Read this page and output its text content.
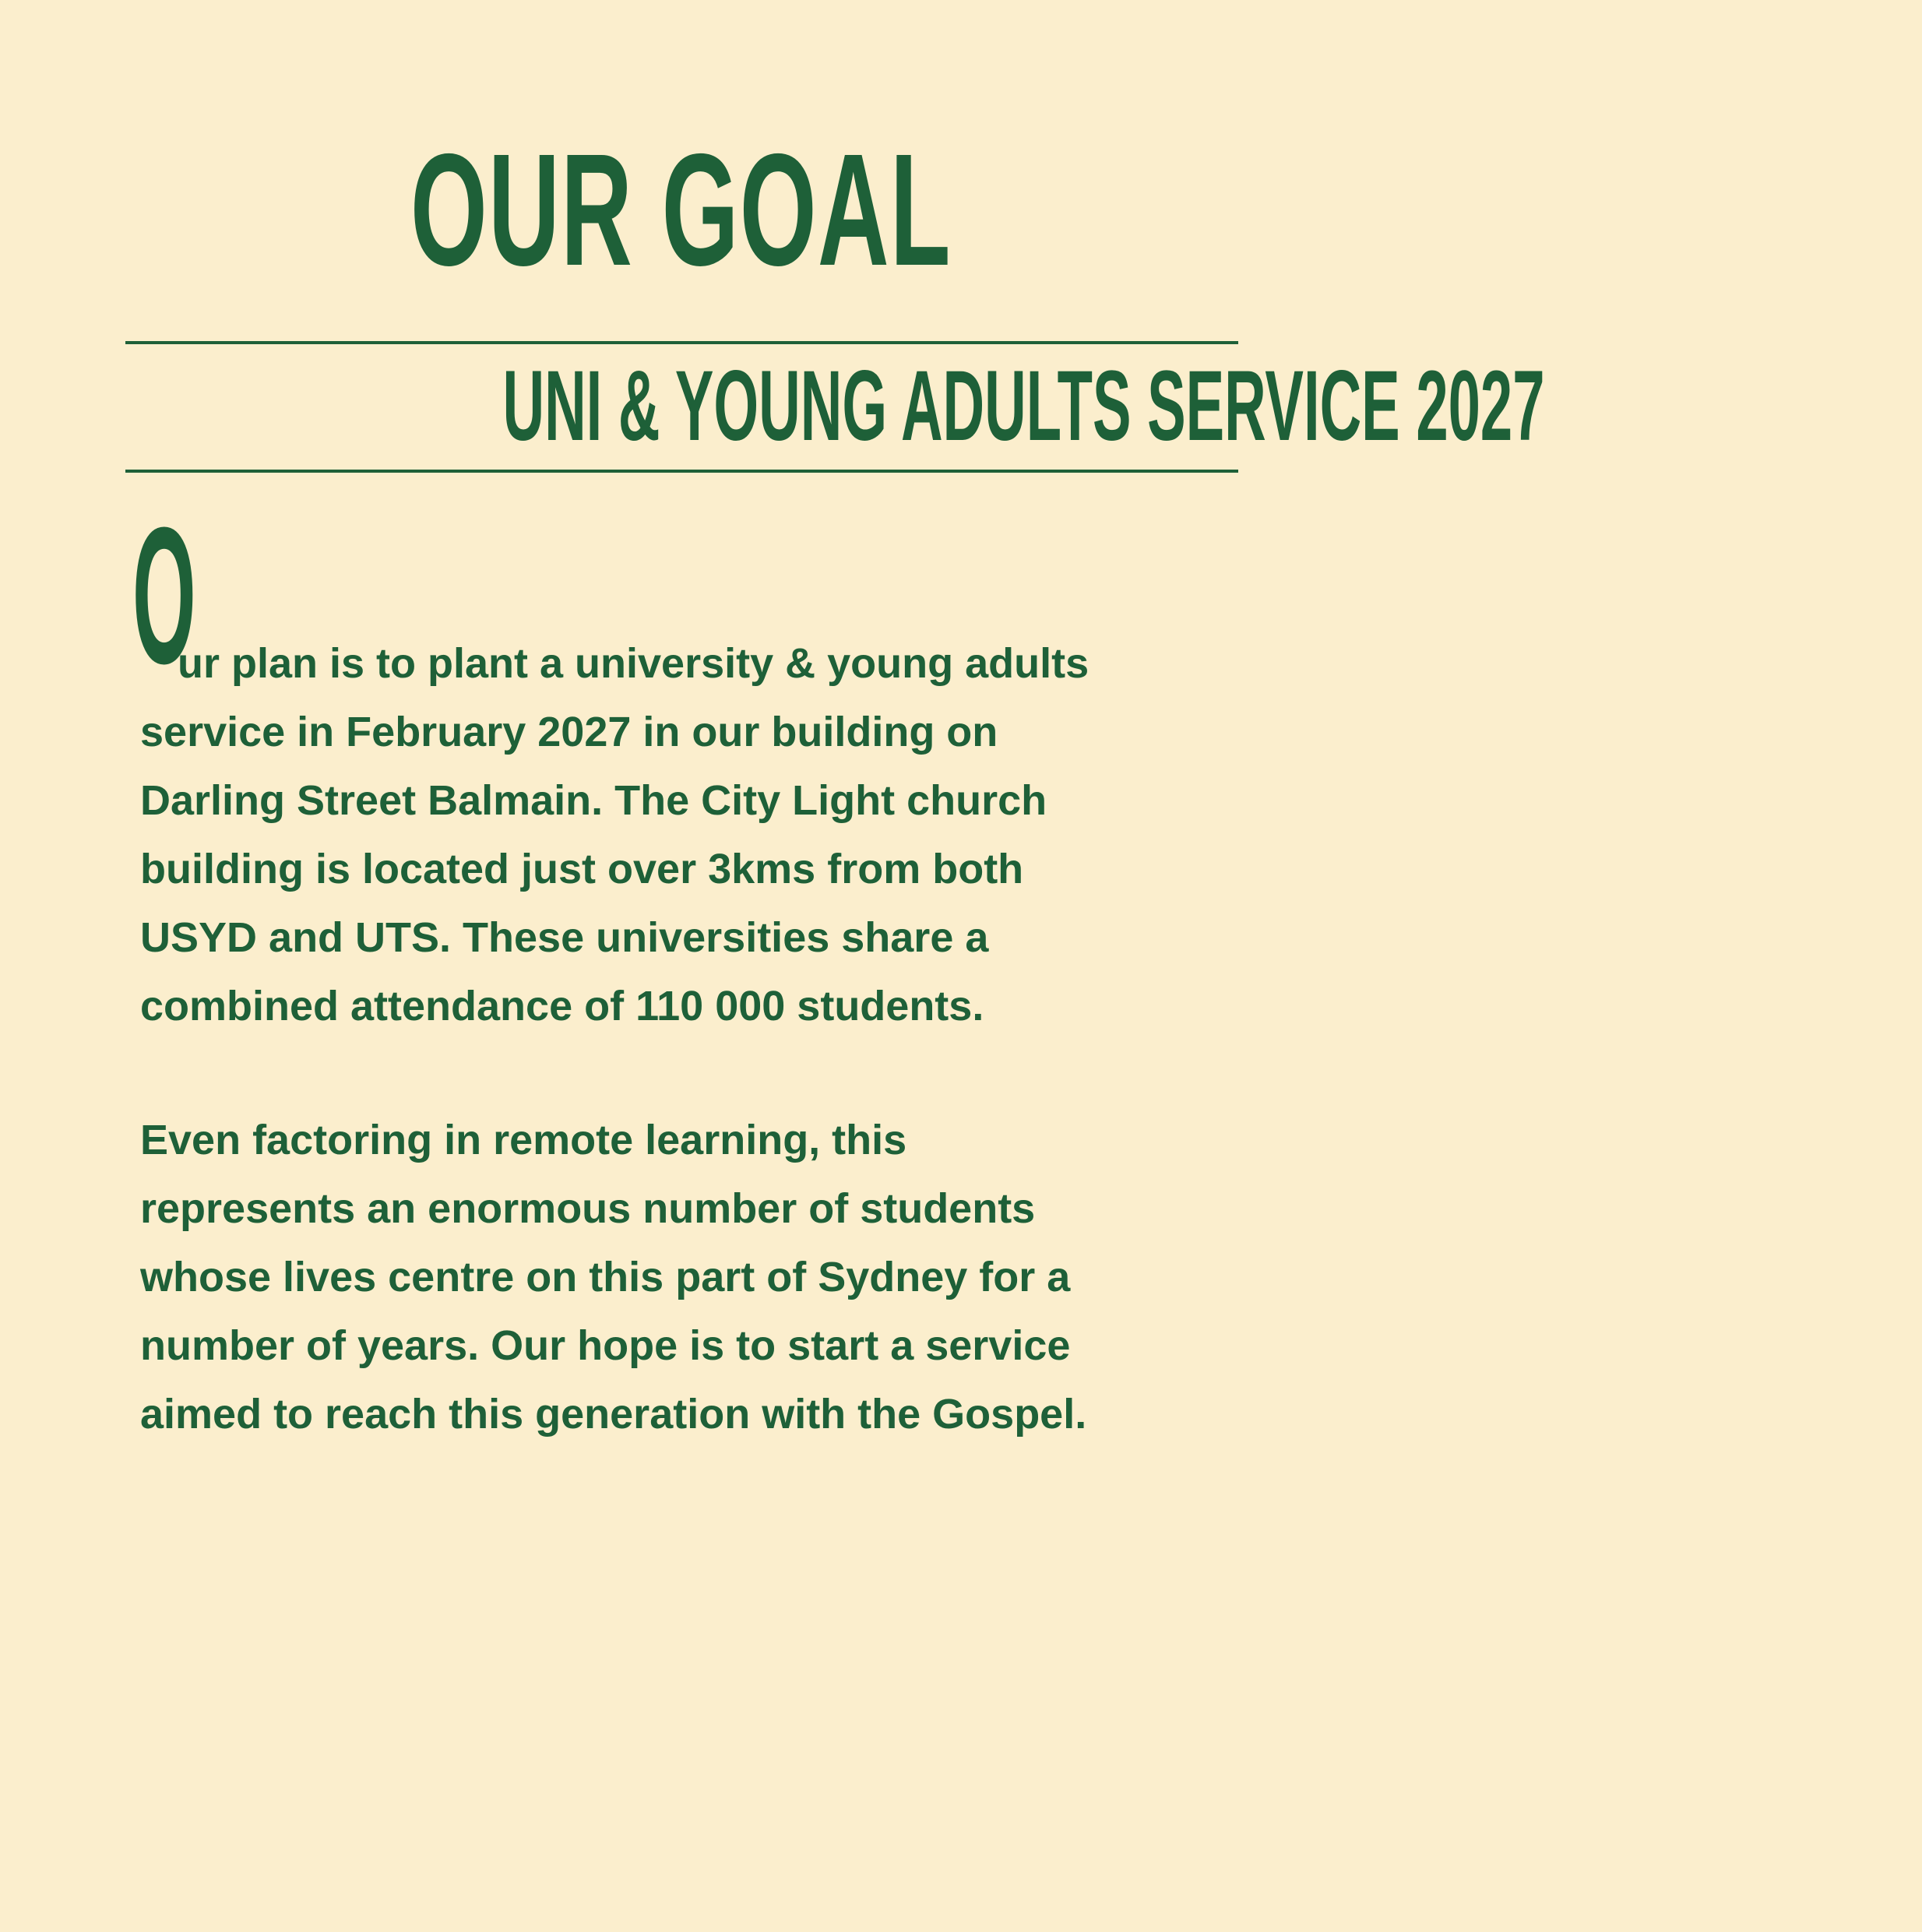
OUR GOAL
UNI & YOUNG ADULTS SERVICE 2027
O
ur plan is to plant a university & young adults
service in February 2027 in our building on
Darling Street Balmain. The City Light church
building is located just over 3kms from both
USYD and UTS. These universities share a
combined attendance of 110 000 students.
Even factoring in remote learning, this
represents an enormous number of students
whose lives centre on this part of Sydney for a
number of years. Our hope is to start a service
aimed to reach this generation with the Gospel.
